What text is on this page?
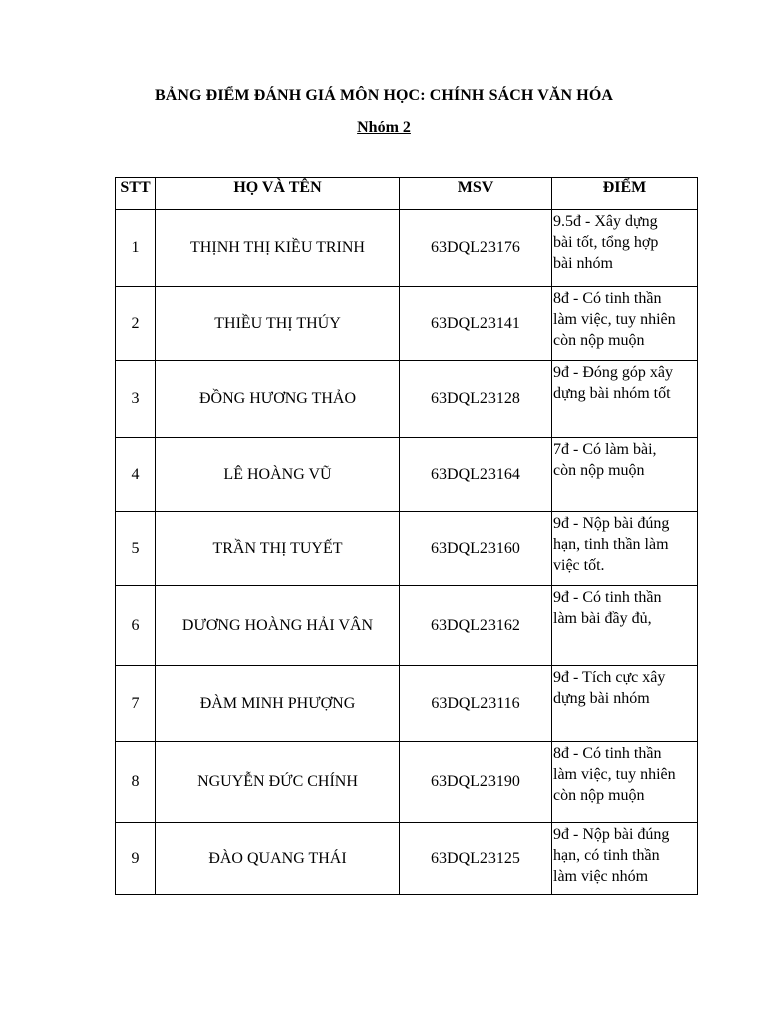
BẢNG ĐIỂM ĐÁNH GIÁ MÔN HỌC: CHÍNH SÁCH VĂN HÓA
Nhóm 2
STT	HỌ VÀ TÊN	MSV	ĐIỂM
1	THỊNH THỊ KIỀU TRINH	63DQL23176	9.5đ - Xây dựng
bài tốt, tổng hợp
bài nhóm
2	THIỀU THỊ THÚY	63DQL23141	8đ - Có tinh thần
làm việc, tuy nhiên
còn nộp muộn
3	ĐỒNG HƯƠNG THẢO	63DQL23128	9đ - Đóng góp xây
dựng bài nhóm tốt
4	LÊ HOÀNG VŨ	63DQL23164	7đ - Có làm bài,
còn nộp muộn
5	TRẦN THỊ TUYẾT	63DQL23160	9đ - Nộp bài đúng
hạn, tinh thần làm
việc tốt.
6	DƯƠNG HOÀNG HẢI VÂN	63DQL23162	9đ - Có tinh thần
làm bài đầy đủ,
7	ĐÀM MINH PHƯỢNG	63DQL23116	9đ - Tích cực xây
dựng bài nhóm
8	NGUYỄN ĐỨC CHÍNH	63DQL23190	8đ - Có tinh thần
làm việc, tuy nhiên
còn nộp muộn
9	ĐÀO QUANG THÁI	63DQL23125	9đ - Nộp bài đúng
hạn, có tinh thần
làm việc nhóm
